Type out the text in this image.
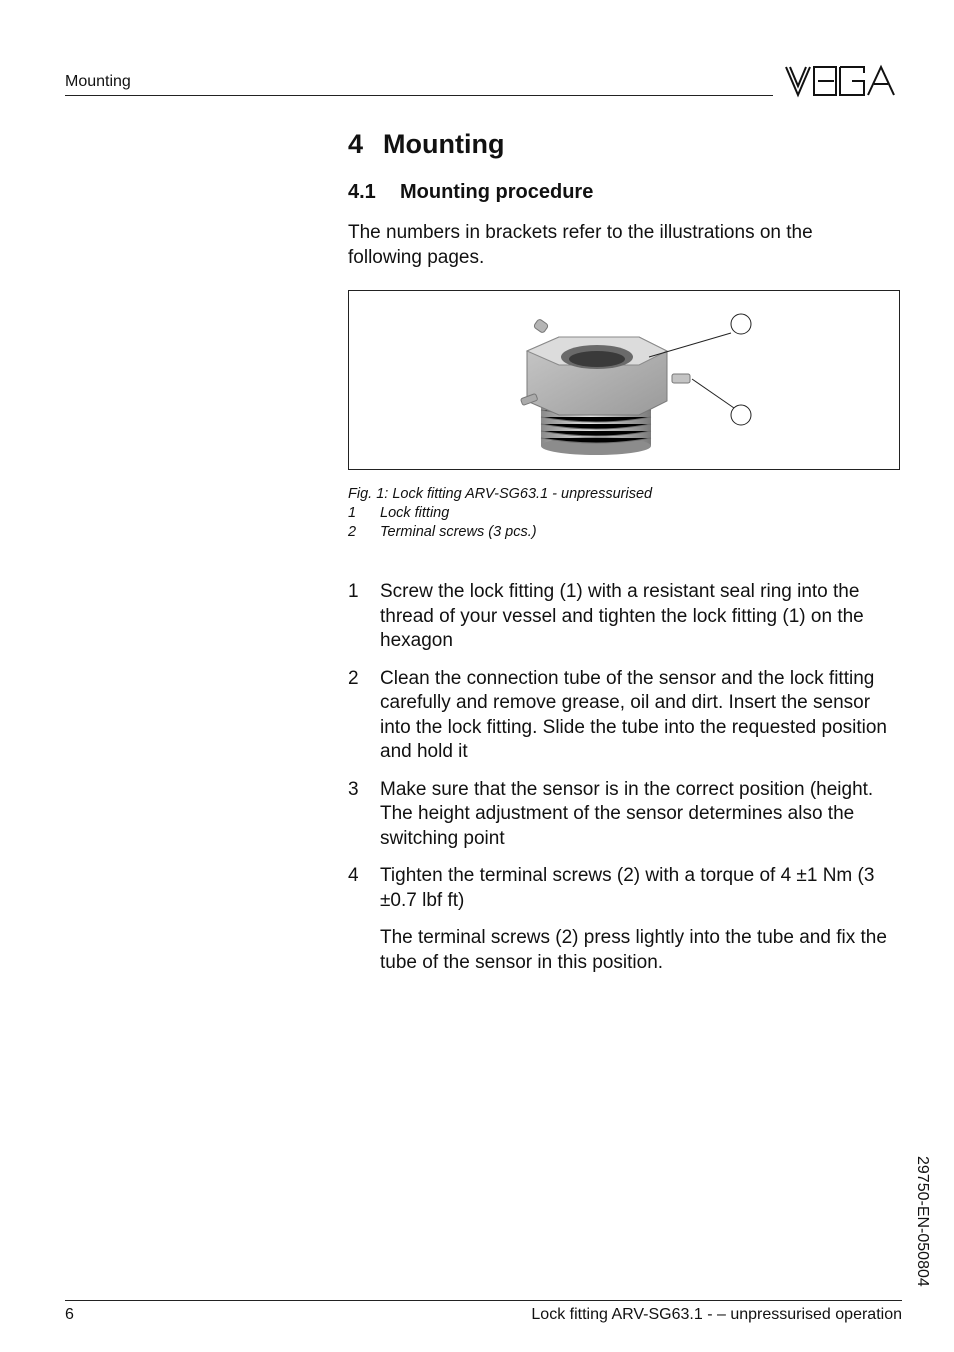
Mounting
4 Mounting
4.1 Mounting procedure

The numbers in brackets refer to the illustrations on the following pages.

Fig. 1: Lock fitting ARV-SG63.1 - unpressurised
1	Lock fitting
2	Terminal screws (3 pcs.)
1	Screw the lock fitting (1) with a resistant seal ring into the thread of your vessel and tighten the lock fitting (1) on the hexagon
2	Clean the connection tube of the sensor and the lock fitting carefully and remove grease, oil and dirt. Insert the sensor into the lock fitting. Slide the tube into the requested position and hold it
3	Make sure that the sensor is in the correct position (height. The height adjustment of the sensor determines also the switching point
4	Tighten the terminal screws (2) with a torque of 4 ±1 Nm (3 ±0.7 lbf ft)
The terminal screws (2) press lightly into the tube and fix the tube of the sensor in this position.
29750-EN-050804
6	Lock fitting ARV-SG63.1 - – unpressurised operation
